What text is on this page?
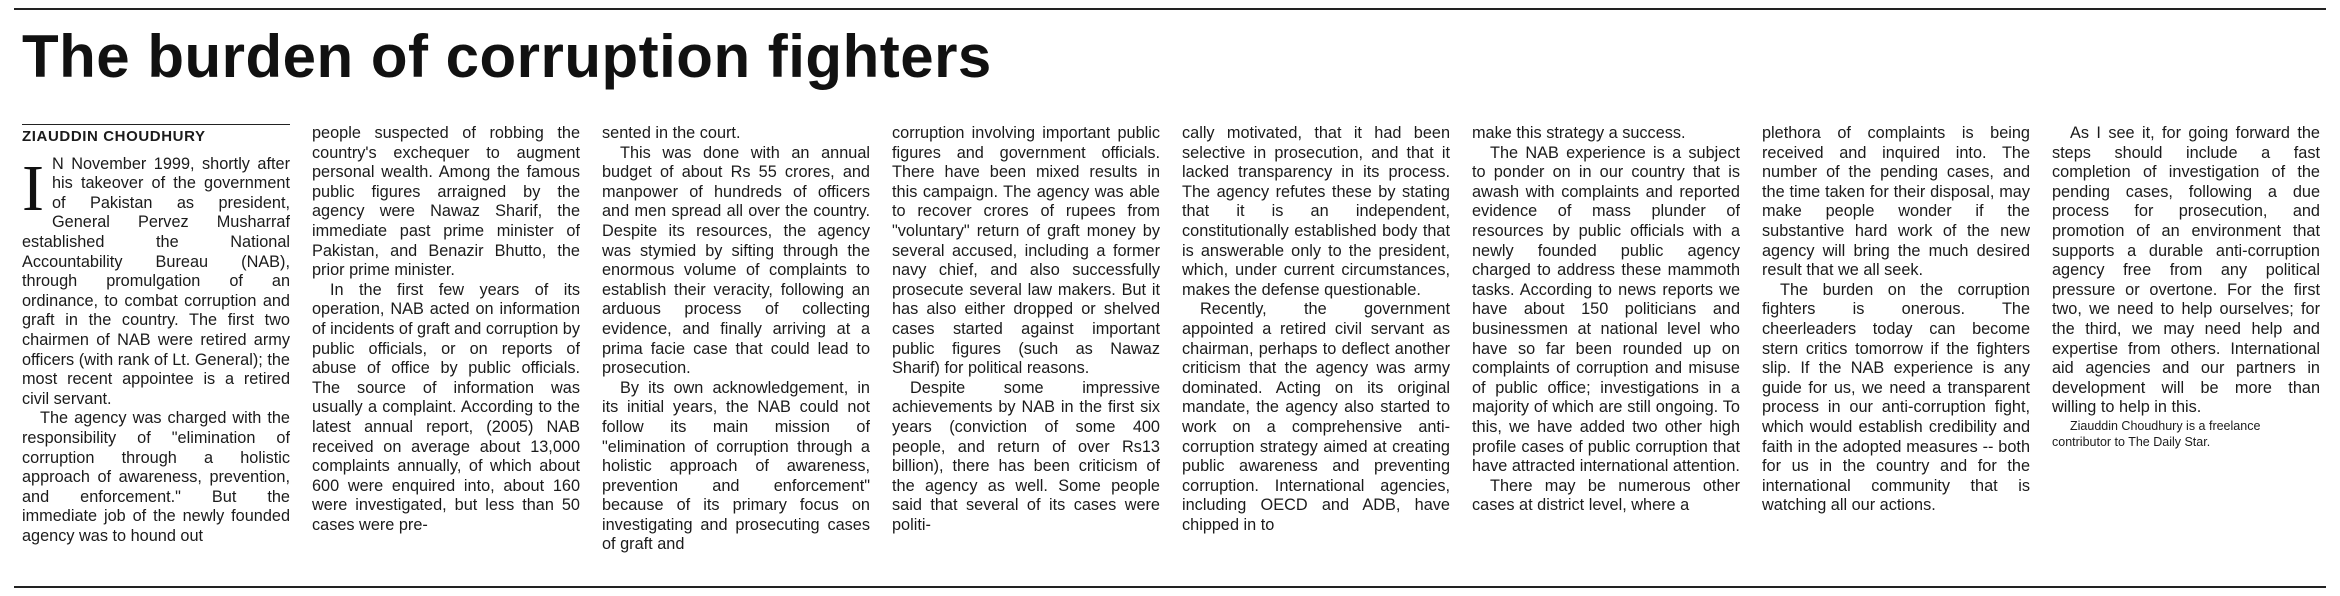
The burden of corruption fighters
ZIAUDDIN CHOUDHURY

I N November 1999, shortly after his takeover of the government of Pakistan as president, General Pervez Musharraf established the National Accountability Bureau (NAB), through promulgation of an ordinance, to combat corruption and graft in the country. The first two chairmen of NAB were retired army officers (with rank of Lt. General); the most recent appointee is a retired civil servant.

The agency was charged with the responsibility of "elimination of corruption through a holistic approach of awareness, prevention, and enforcement." But the immediate job of the newly founded agency was to hound out

people suspected of robbing the country's exchequer to augment personal wealth. Among the famous public figures arraigned by the agency were Nawaz Sharif, the immediate past prime minister of Pakistan, and Benazir Bhutto, the prior prime minister.

In the first few years of its operation, NAB acted on information of incidents of graft and corruption by public officials, or on reports of abuse of office by public officials. The source of information was usually a complaint. According to the latest annual report, (2005) NAB received on average about 13,000 complaints annually, of which about 600 were enquired into, about 160 were investigated, but less than 50 cases were pre-

sented in the court.

This was done with an annual budget of about Rs 55 crores, and manpower of hundreds of officers and men spread all over the country. Despite its resources, the agency was stymied by sifting through the enormous volume of complaints to establish their veracity, following an arduous process of collecting evidence, and finally arriving at a prima facie case that could lead to prosecution.

By its own acknowledgement, in its initial years, the NAB could not follow its main mission of "elimination of corruption through a holistic approach of awareness, prevention and enforcement" because of its primary focus on investigating and prosecuting cases of graft and

corruption involving important public figures and government officials. There have been mixed results in this campaign. The agency was able to recover crores of rupees from "voluntary" return of graft money by several accused, including a former navy chief, and also successfully prosecute several law makers. But it has also either dropped or shelved cases started against important public figures (such as Nawaz Sharif) for political reasons.

Despite some impressive achievements by NAB in the first six years (conviction of some 400 people, and return of over Rs13 billion), there has been criticism of the agency as well. Some people said that several of its cases were politi-

cally motivated, that it had been selective in prosecution, and that it lacked transparency in its process. The agency refutes these by stating that it is an independent, constitutionally established body that is answerable only to the president, which, under current circumstances, makes the defense questionable.

Recently, the government appointed a retired civil servant as chairman, perhaps to deflect another criticism that the agency was army dominated. Acting on its original mandate, the agency also started to work on a comprehensive anti-corruption strategy aimed at creating public awareness and preventing corruption. International agencies, including OECD and ADB, have chipped in to

make this strategy a success.

The NAB experience is a subject to ponder on in our country that is awash with complaints and reported evidence of mass plunder of resources by public officials with a newly founded public agency charged to address these mammoth tasks. According to news reports we have about 150 politicians and businessmen at national level who have so far been rounded up on complaints of corruption and misuse of public office; investigations in a majority of which are still ongoing. To this, we have added two other high profile cases of public corruption that have attracted international attention.

There may be numerous other cases at district level, where a

plethora of complaints is being received and inquired into. The number of the pending cases, and the time taken for their disposal, may make people wonder if the substantive hard work of the new agency will bring the much desired result that we all seek.

The burden on the corruption fighters is onerous. The cheerleaders today can become stern critics tomorrow if the fighters slip. If the NAB experience is any guide for us, we need a transparent process in our anti-corruption fight, which would establish credibility and faith in the adopted measures -- both for us in the country and for the international community that is watching all our actions.

As I see it, for going forward the steps should include a fast completion of investigation of the pending cases, following a due process for prosecution, and promotion of an environment that supports a durable anti-corruption agency free from any political pressure or overtone. For the first two, we need to help ourselves; for the third, we may need help and expertise from others. International aid agencies and our partners in development will be more than willing to help in this.

Ziauddin Choudhury is a freelance contributor to The Daily Star.
